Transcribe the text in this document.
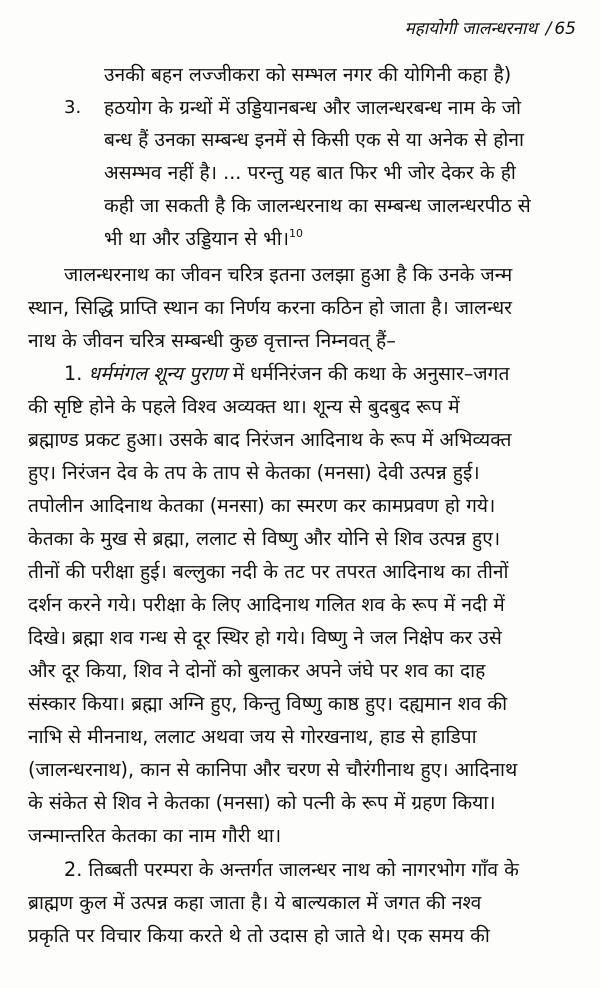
महायोगी जालन्धरनाथ / 65
उनकी बहन लज्जीकरा को सम्भल नगर की योगिनी कहा है)
3. हठयोग के ग्रन्थों में उड्डियानबन्ध और जालन्धरबन्ध नाम के जो
बन्ध हैं उनका सम्बन्ध इनमें से किसी एक से या अनेक से होना
असम्भव नहीं है। ... परन्तु यह बात फिर भी जोर देकर के ही
कही जा सकती है कि जालन्धरनाथ का सम्बन्ध जालन्धरपीठ से
भी था और उड्डियान से भी।$^{10}$
जालन्धरनाथ का जीवन चरित्र इतना उलझा हुआ है कि उनके जन्म
स्थान, सिद्धि प्राप्ति स्थान का निर्णय करना कठिन हो जाता है। जालन्धर
नाथ के जीवन चरित्र सम्बन्धी कुछ वृत्तान्त निम्नवत् हैं–
1. धर्ममंगल शून्य पुराण में धर्मनिरंजन की कथा के अनुसार–जगत
की सृष्टि होने के पहले विश्व अव्यक्त था। शून्य से बुदबुद रूप में
ब्रह्माण्ड प्रकट हुआ। उसके बाद निरंजन आदिनाथ के रूप में अभिव्यक्त
हुए। निरंजन देव के तप के ताप से केतका (मनसा) देवी उत्पन्न हुई।
तपोलीन आदिनाथ केतका (मनसा) का स्मरण कर कामप्रवण हो गये।
केतका के मुख से ब्रह्मा, ललाट से विष्णु और योनि से शिव उत्पन्न हुए।
तीनों की परीक्षा हुई। बल्लुका नदी के तट पर तपरत आदिनाथ का तीनों
दर्शन करने गये। परीक्षा के लिए आदिनाथ गलित शव के रूप में नदी में
दिखे। ब्रह्मा शव गन्ध से दूर स्थिर हो गये। विष्णु ने जल निक्षेप कर उसे
और दूर किया, शिव ने दोनों को बुलाकर अपने जंघे पर शव का दाह
संस्कार किया। ब्रह्मा अग्नि हुए, किन्तु विष्णु काष्ठ हुए। दह्यमान शव की
नाभि से मीननाथ, ललाट अथवा जय से गोरखनाथ, हाड से हाडिपा
(जालन्धरनाथ), कान से कानिपा और चरण से चौरंगीनाथ हुए। आदिनाथ
के संकेत से शिव ने केतका (मनसा) को पत्नी के रूप में ग्रहण किया।
जन्मान्तरित केतका का नाम गौरी था।
2. तिब्बती परम्परा के अन्तर्गत जालन्धर नाथ को नागरभोग गाँव के
ब्राह्मण कुल में उत्पन्न कहा जाता है। ये बाल्यकाल में जगत की नश्व
प्रकृति पर विचार किया करते थे तो उदास हो जाते थे। एक समय की
